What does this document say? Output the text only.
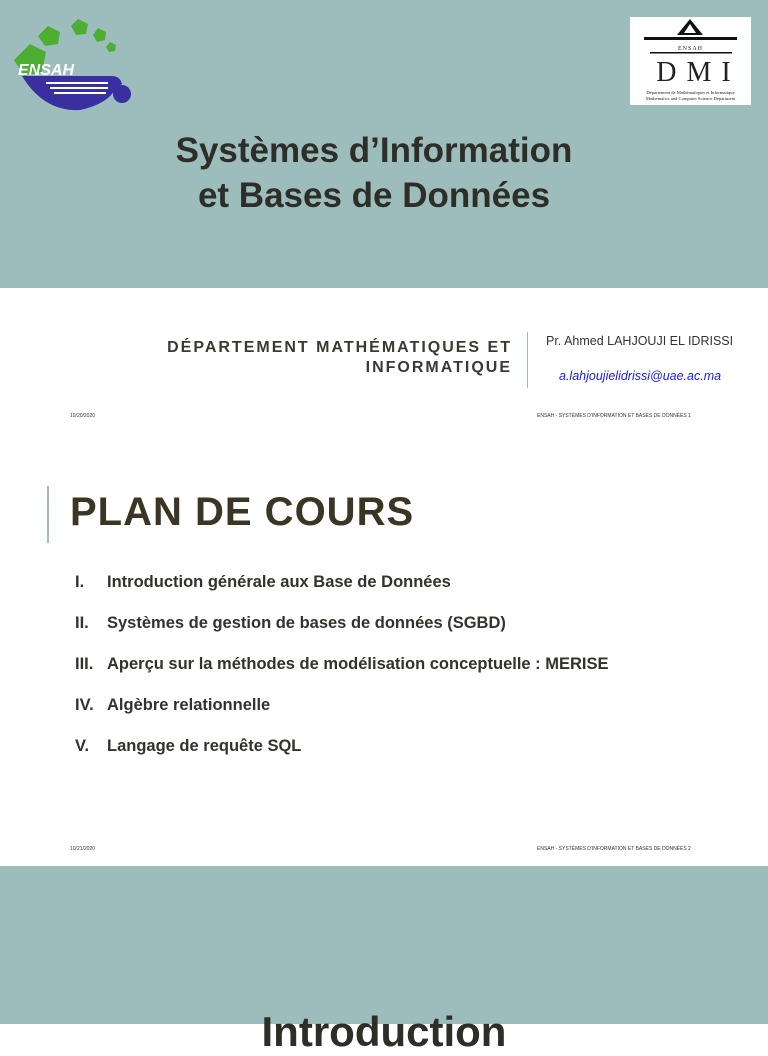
ENSAH
ENSAH
DMI
Département de Mathématiques et Informatique
Mathematics and Computer Science Department
Systèmes d’Information
et Bases de Données
DÉPARTEMENT MATHÉMATIQUES ET
INFORMATIQUE
Pr. Ahmed LAHJOUJI EL IDRISSI
a.lahjoujielidrissi@uae.ac.ma
10/20/2020	ENSAH - SYSTÈMES D'INFORMATION ET BASES DE DONNÉES 1
PLAN DE COURS
I. Introduction générale aux Base de Données
II. Systèmes de gestion de bases de données (SGBD)
III. Aperçu sur la méthodes de modélisation conceptuelle : MERISE
IV. Algèbre relationnelle
V. Langage de requête SQL
10/21/2020	ENSAH - SYSTÈMES D'INFORMATION ET BASES DE DONNÉES 2
Introduction
